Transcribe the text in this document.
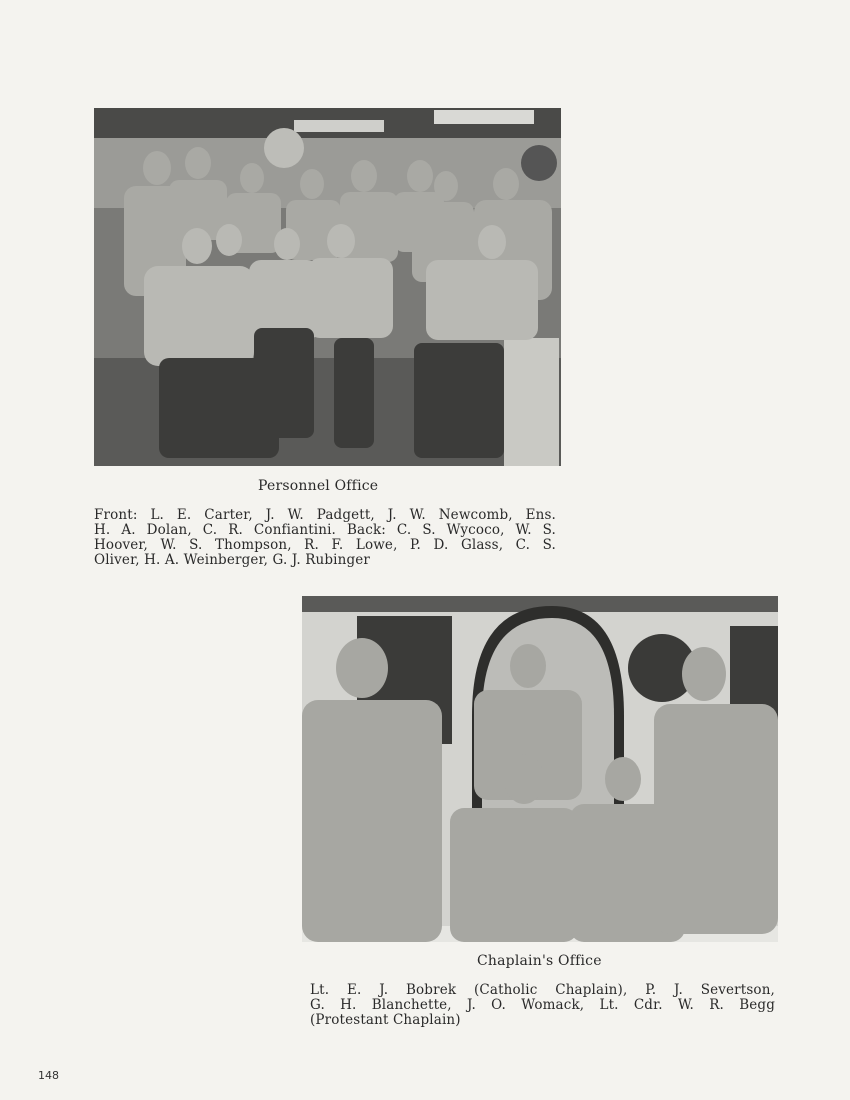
Personnel Office
Front: L. E. Carter, J. W. Padgett, J. W. Newcomb, Ens.
H. A. Dolan, C. R. Confiantini. Back: C. S. Wycoco, W. S.
Hoover, W. S. Thompson, R. F. Lowe, P. D. Glass, C. S.
Oliver, H. A. Weinberger, G. J. Rubinger
Chaplain's Office
Lt. E. J. Bobrek (Catholic Chaplain), P. J. Severtson,
G. H. Blanchette, J. O. Womack, Lt. Cdr. W. R. Begg
(Protestant Chaplain)
148
